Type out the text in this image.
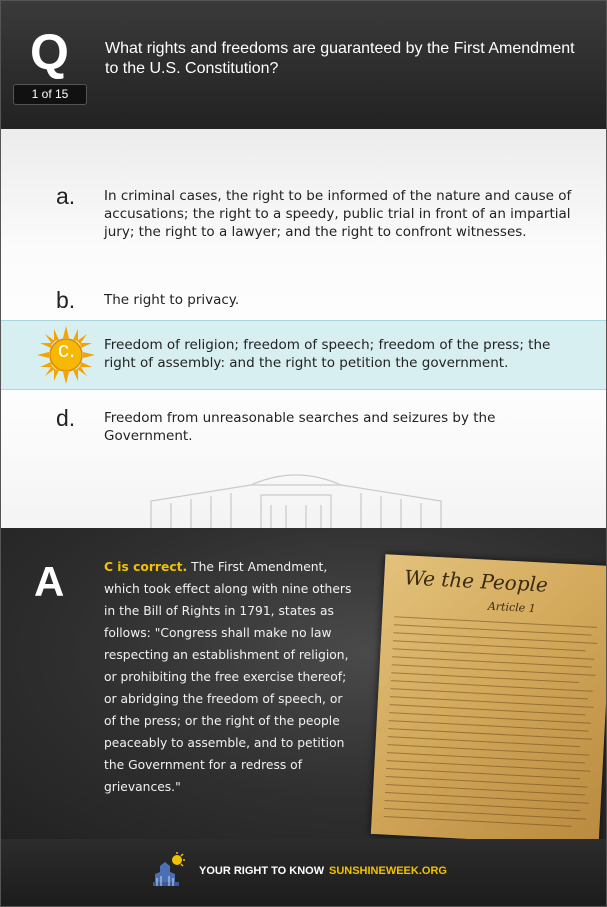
Q
1 of 15
What rights and freedoms are guaranteed by the First Amendment to the U.S. Constitution?
a. In criminal cases, the right to be informed of the nature and cause of accusations; the right to a speedy, public trial in front of an impartial jury; the right to a lawyer; and the right to confront witnesses.
b. The right to privacy.
c. Freedom of religion; freedom of speech; freedom of the press; the right of assembly: and the right to petition the government.
d. Freedom from unreasonable searches and seizures by the Government.
A	C is correct. The First Amendment, which took effect along with nine others in the Bill of Rights in 1791, states as follows: "Congress shall make no law respecting an establishment of religion, or prohibiting the free exercise thereof; or abridging the freedom of speech, or of the press; or the right of the people peaceably to assemble, and to petition the Government for a redress of grievances."
We the People
Article 1
YOUR RIGHT TO KNOW SUNSHINEWEEK.ORG
